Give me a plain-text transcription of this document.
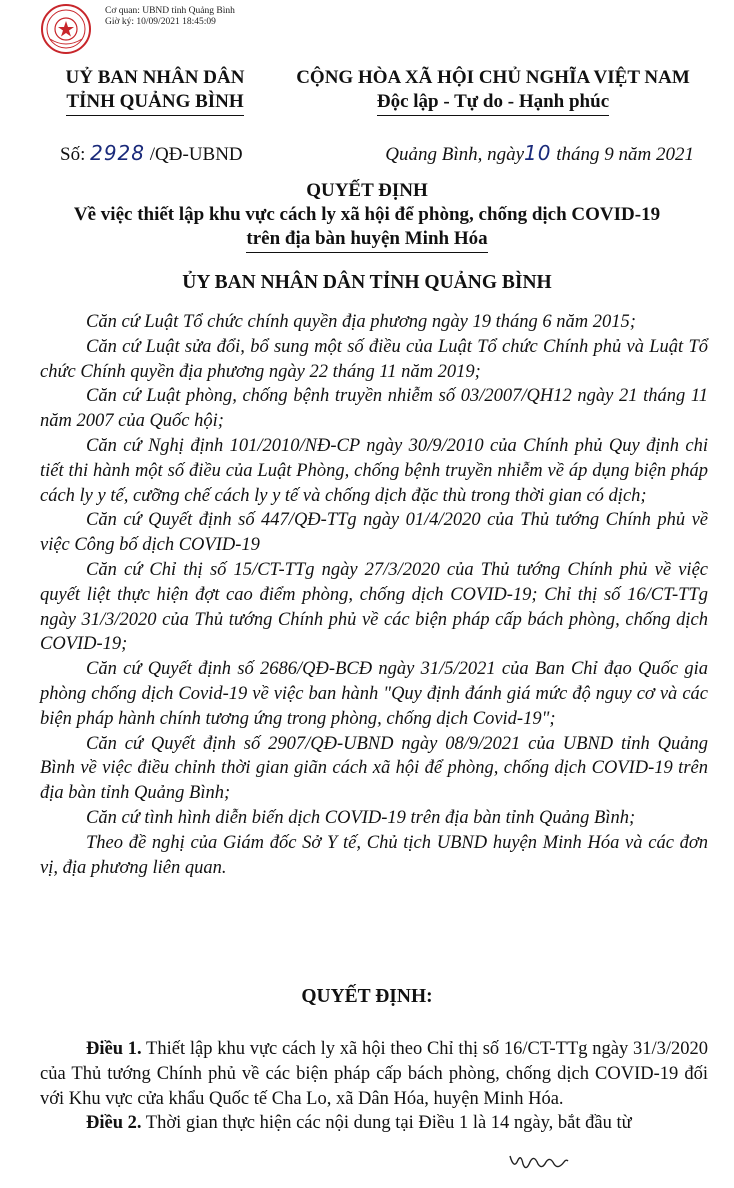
Cơ quan: UBND tỉnh Quảng Bình
Giờ ký: 10/09/2021 18:45:09
UỶ BAN NHÂN DÂN
TỈNH QUẢNG BÌNH
CỘNG HÒA XÃ HỘI CHỦ NGHĨA VIỆT NAM
Độc lập - Tự do - Hạnh phúc
Số: 2928 /QĐ-UBND	Quảng Bình, ngày10 tháng 9 năm 2021
QUYẾT ĐỊNH
Về việc thiết lập khu vực cách ly xã hội để phòng, chống dịch COVID-19
trên địa bàn huyện Minh Hóa
ỦY BAN NHÂN DÂN TỈNH QUẢNG BÌNH

Căn cứ Luật Tổ chức chính quyền địa phương ngày 19 tháng 6 năm 2015;

Căn cứ Luật sửa đổi, bổ sung một số điều của Luật Tổ chức Chính phủ và Luật Tổ chức Chính quyền địa phương ngày 22 tháng 11 năm 2019;

Căn cứ Luật phòng, chống bệnh truyền nhiễm số 03/2007/QH12 ngày 21 tháng 11 năm 2007 của Quốc hội;

Căn cứ Nghị định 101/2010/NĐ-CP ngày 30/9/2010 của Chính phủ Quy định chi tiết thi hành một số điều của Luật Phòng, chống bệnh truyền nhiễm về áp dụng biện pháp cách ly y tế, cưỡng chế cách ly y tế và chống dịch đặc thù trong thời gian có dịch;

Căn cứ Quyết định số 447/QĐ-TTg ngày 01/4/2020 của Thủ tướng Chính phủ về việc Công bố dịch COVID-19

Căn cứ Chỉ thị số 15/CT-TTg ngày 27/3/2020 của Thủ tướng Chính phủ về việc quyết liệt thực hiện đợt cao điểm phòng, chống dịch COVID-19; Chỉ thị số 16/CT-TTg ngày 31/3/2020 của Thủ tướng Chính phủ về các biện pháp cấp bách phòng, chống dịch COVID-19;

Căn cứ Quyết định số 2686/QĐ-BCĐ ngày 31/5/2021 của Ban Chỉ đạo Quốc gia phòng chống dịch Covid-19 về việc ban hành "Quy định đánh giá mức độ nguy cơ và các biện pháp hành chính tương ứng trong phòng, chống dịch Covid-19";

Căn cứ Quyết định số 2907/QĐ-UBND ngày 08/9/2021 của UBND tỉnh Quảng Bình về việc điều chỉnh thời gian giãn cách xã hội để phòng, chống dịch COVID-19 trên địa bàn tỉnh Quảng Bình;

Căn cứ tình hình diễn biến dịch COVID-19 trên địa bàn tỉnh Quảng Bình;

Theo đề nghị của Giám đốc Sở Y tế, Chủ tịch UBND huyện Minh Hóa và các đơn vị, địa phương liên quan.

QUYẾT ĐỊNH:

Điều 1. Thiết lập khu vực cách ly xã hội theo Chỉ thị số 16/CT-TTg ngày 31/3/2020 của Thủ tướng Chính phủ về các biện pháp cấp bách phòng, chống dịch COVID-19 đối với Khu vực cửa khẩu Quốc tế Cha Lo, xã Dân Hóa, huyện Minh Hóa.

Điều 2. Thời gian thực hiện các nội dung tại Điều 1 là 14 ngày, bắt đầu từ
